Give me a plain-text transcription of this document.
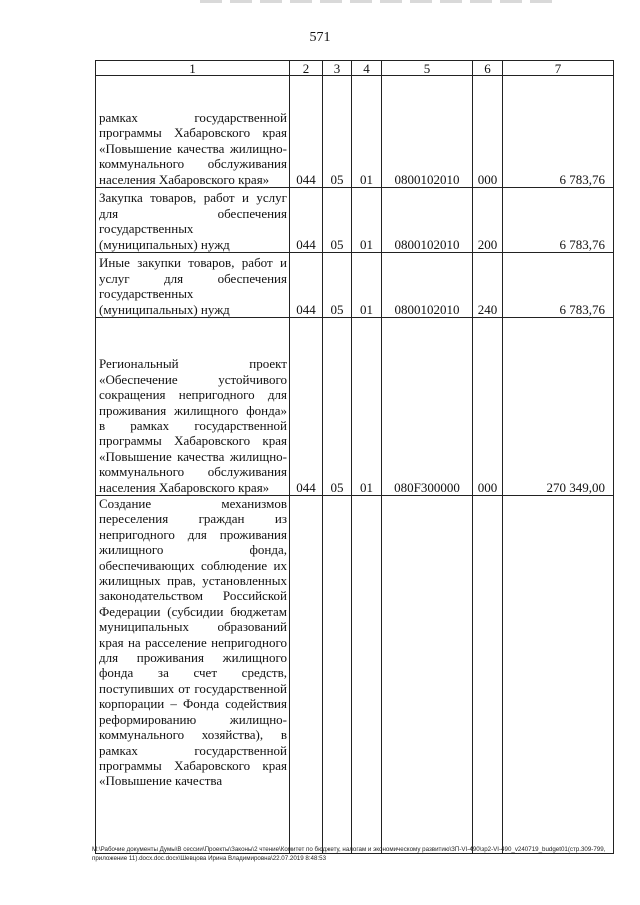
571
1	2	3	4	5	6	7
рамках государственной программы Хабаровского края «Повышение качества жилищно-коммунального обслуживания населения Хабаровского края»	044	05	01	0800102010	000	6 783,76
Закупка товаров, работ и услуг для обеспечения государственных (муниципальных) нужд	044	05	01	0800102010	200	6 783,76
Иные закупки товаров, работ и услуг для обеспечения государственных (муниципальных) нужд	044	05	01	0800102010	240	6 783,76
Региональный проект «Обеспечение устойчивого сокращения непригодного для проживания жилищного фонда» в рамках государственной программы Хабаровского края «Повышение качества жилищно-коммунального обслуживания населения Хабаровского края»	044	05	01	080F300000	000	270 349,00
Создание механизмов переселения граждан из непригодного для проживания жилищного фонда, обеспечивающих соблюдение их жилищных прав, установленных законодательством Российской Федерации (субсидии бюджетам муниципальных образований края на расселение непригодного для проживания жилищного фонда за счет средств, поступивших от государственной корпорации – Фонда содействия реформированию жилищно-коммунального хозяйства), в рамках государственной программы Хабаровского края «Повышение качества						
M:\Рабочие документы Думы\В сессии\Проекты\Законы\2 чтение\Комитет по бюджету, налогам и экономическому развитию\ЗП-VI-490\зр2-VI-490_v240719_budget01(стр.309-799, приложение 11).docx.doc.docx\Шевцова Ирина Владимировна\22.07.2019 8:48:53
